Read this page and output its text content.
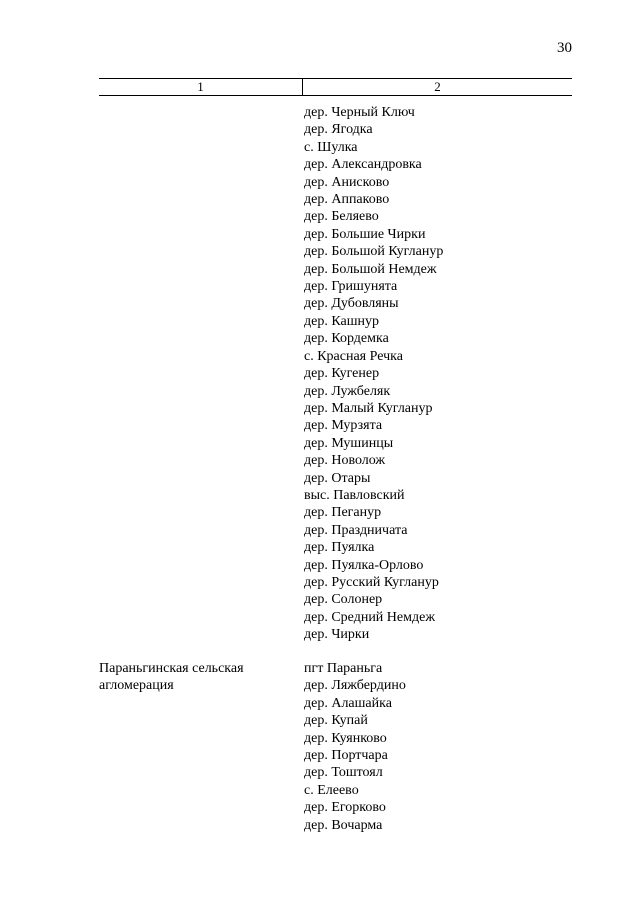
30
1	2
дер. Черный Ключ
дер. Ягодка
с. Шулка
дер. Александровка
дер. Анисково
дер. Аппаково
дер. Беляево
дер. Большие Чирки
дер. Большой Кугланур
дер. Большой Немдеж
дер. Гришунята
дер. Дубовляны
дер. Кашнур
дер. Кордемка
с. Красная Речка
дер. Кугенер
дер. Лужбеляк
дер. Малый Кугланур
дер. Мурзята
дер. Мушинцы
дер. Новолож
дер. Отары
выс. Павловский
дер. Пеганур
дер. Праздничата
дер. Пуялка
дер. Пуялка-Орлово
дер. Русский Кугланур
дер. Солонер
дер. Средний Немдеж
дер. Чирки
Параньгинская сельская агломерация
пгт Параньга
дер. Ляжбердино
дер. Алашайка
дер. Купай
дер. Куянково
дер. Портчара
дер. Тоштоял
с. Елеево
дер. Егорково
дер. Вочарма
